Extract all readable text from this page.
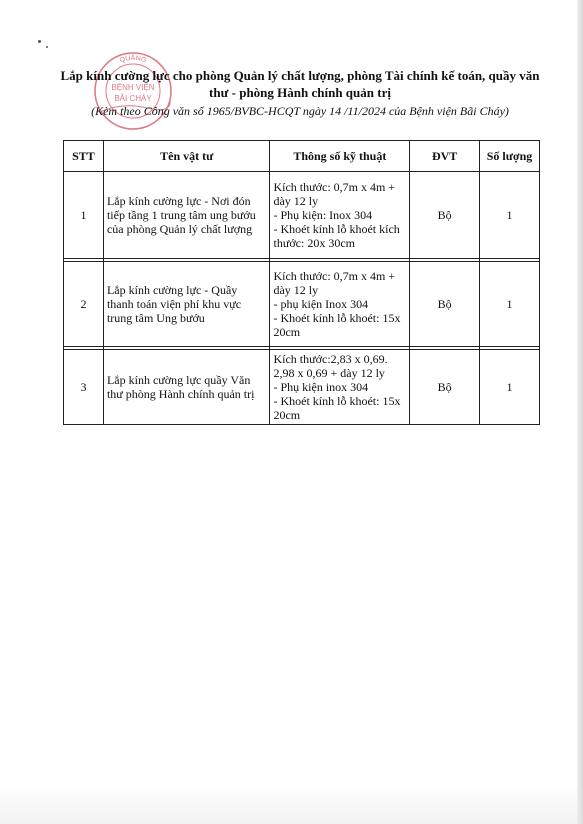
QUẢNG
BỆNH VIỆN
BÃI CHÁY
Lắp kính cường lực cho phòng Quản lý chất lượng, phòng Tài chính kế toán, quầy văn thư - phòng Hành chính quản trị
(Kèm theo Công văn số 1965/BVBC-HCQT ngày 14 /11/2024 của Bệnh viện Bãi Cháy)
STT	Tên vật tư	Thông số kỹ thuật	ĐVT	Số lượng
1	Lắp kính cường lực - Nơi đón tiếp tầng 1 trung tâm ung bướu của phòng Quản lý chất lượng	Kích thước: 0,7m x 4m + dày 12 ly
- Phụ kiện: Inox 304
- Khoét kính lỗ khoét kích thước: 20x 30cm	Bộ	1

2	Lắp kính cường lực - Quầy thanh toán viện phí khu vực trung tâm Ung bướu	Kích thước: 0,7m x 4m + dày 12 ly
- phụ kiện Inox 304
- Khoét kính lỗ khoét: 15x 20cm	Bộ	1

3	Lắp kính cường lực quầy Văn thư phòng Hành chính quản trị	Kích thước:2,83 x 0,69. 2,98 x 0,69 + dày 12 ly
- Phụ kiện inox 304
- Khoét kính lỗ khoét: 15x 20cm	Bộ	1
